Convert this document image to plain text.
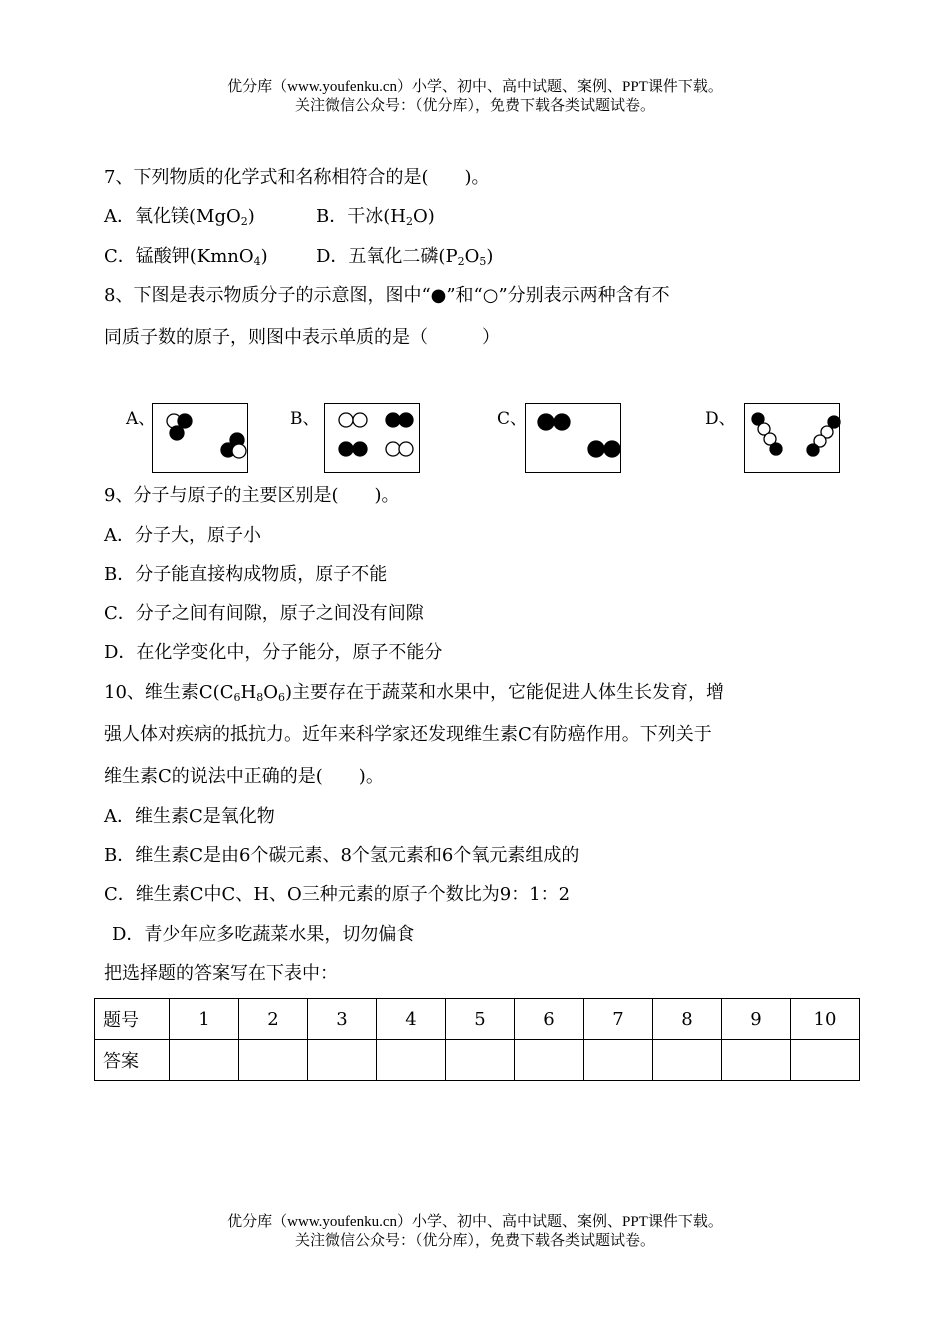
优分库（www.youfenku.cn）小学、初中、高中试题、案例、PPT课件下载。
关注微信公众号：（优分库），免费下载各类试题试卷。
7、下列物质的化学式和名称相符合的是(　　)。
A．氧化镁(MgO$_2$)	B．干冰$(H_2O)$
C．锰酸钾(KmnO$_4$)	D．五氧化二磷$(P_2O_5)$
8、下图是表示物质分子的示意图，图中“●”和“○”分别表示两种含有不
同质子数的原子，则图中表示单质的是（　　　）
A、	B、	C、	D、
9、分子与原子的主要区别是(　　)。
A．分子大，原子小
B．分子能直接构成物质，原子不能
C．分子之间有间隙，原子之间没有间隙
D．在化学变化中，分子能分，原子不能分
10、维生素$C(C_6H_8O_6)$主要存在于蔬菜和水果中，它能促进人体生长发育，增
强人体对疾病的抵抗力。近年来科学家还发现维生素C有防癌作用。下列关于
维生素C的说法中正确的是(　　)。
A．维生素C是氧化物
B．维生素C是由6个碳元素、8个氢元素和6个氧元素组成的
C．维生素C中C、H、O三种元素的原子个数比为9：1：2
D．青少年应多吃蔬菜水果，切勿偏食
把选择题的答案写在下表中：
题号	1	2	3	4	5	6	7	8	9	10
答案										
优分库（www.youfenku.cn）小学、初中、高中试题、案例、PPT课件下载。
关注微信公众号：（优分库），免费下载各类试题试卷。
